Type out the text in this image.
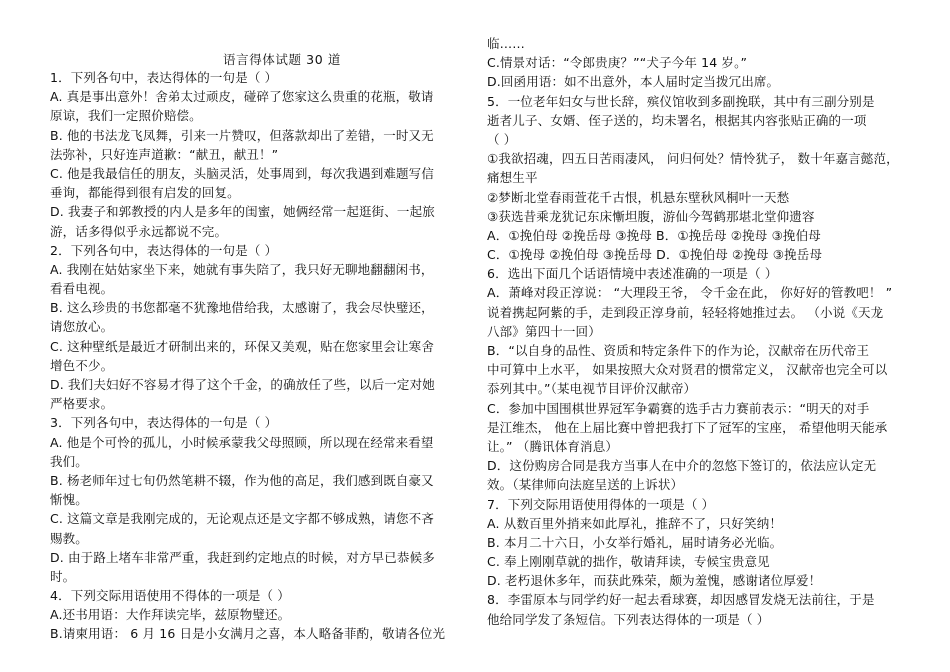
语言得体试题 30 道
1．下列各句中，表达得体的一句是（ ）
A. 真是事出意外！舍弟太过顽皮，碰碎了您家这么贵重的花瓶，敬请
原谅，我们一定照价赔偿。
B. 他的书法龙飞凤舞，引来一片赞叹，但落款却出了差错，一时又无
法弥补，只好连声道歉：“献丑，献丑！”
C. 他是我最信任的朋友，头脑灵活，处事周到，每次我遇到难题写信
垂询，都能得到很有启发的回复。
D. 我妻子和郭教授的内人是多年的闺蜜，她俩经常一起逛街、一起旅
游，话多得似乎永远都说不完。
2．下列各句中，表达得体的一句是（ ）
A. 我刚在姑姑家坐下来，她就有事失陪了，我只好无聊地翻翻闲书，
看看电视。
B. 这么珍贵的书您都毫不犹豫地借给我，太感谢了，我会尽快璧还，
请您放心。
C. 这种壁纸是最近才研制出来的，环保又美观，贴在您家里会让寒舍
增色不少。
D. 我们夫妇好不容易才得了这个千金，的确放任了些，以后一定对她
严格要求。
3．下列各句中，表达得体的一句是（ ）
A. 他是个可怜的孤儿，小时候承蒙我父母照顾，所以现在经常来看望
我们。
B. 杨老师年过七旬仍然笔耕不辍，作为他的高足，我们感到既自豪又
惭愧。
C. 这篇文章是我刚完成的，无论观点还是文字都不够成熟，请您不吝
赐教。
D. 由于路上堵车非常严重，我赶到约定地点的时候，对方早已恭候多
时。
4．下列交际用语使用不得体的一项是（ ）
A.还书用语：大作拜读完毕，兹原物璧还。
B.请柬用语： 6 月 16 日是小女满月之喜，本人略备菲酌，敬请各位光
临……
C.情景对话：“令郎贵庚？”“犬子今年 14 岁。”
D.回函用语：如不出意外，本人届时定当拨冗出席。
5．一位老年妇女与世长辞，殡仪馆收到多副挽联，其中有三副分别是
逝者儿子、女婿、侄子送的，均未署名，根据其内容张贴正确的一项
（ ）
①我欲招魂，四五日苦雨凄风， 问归何处？情怜犹子， 数十年嘉言懿范，
痛想生平
②梦断北堂春雨萱花千古恨，机悬东壁秋风桐叶一天愁
③获选昔乘龙犹记东床慚坦腹，游仙今驾鹤那堪北堂仰遗容
A．①挽伯母 ②挽岳母 ③挽母 B．①挽岳母 ②挽母 ③挽伯母
C．①挽母 ②挽伯母 ③挽岳母 D．①挽伯母 ②挽母 ③挽岳母
6．选出下面几个话语情境中表述准确的一项是（ ）
A．萧峰对段正淳说： “大理段王爷， 令千金在此， 你好好的管教吧！ ”
说着携起阿紫的手，走到段正淳身前，轻轻将她推过去。 （小说《天龙
八部》第四十一回）
B．“以自身的品性、资质和特定条件下的作为论，汉献帝在历代帝王
中可算中上水平， 如果按照大众对贤君的惯常定义， 汉献帝也完全可以
忝列其中。”（某电视节目评价汉献帝）
C．参加中国围棋世界冠军争霸赛的选手古力赛前表示：“明天的对手
是江维杰， 他在上届比赛中曾把我打下了冠军的宝座， 希望他明天能承
让。” （腾讯体育消息）
D．这份购房合同是我方当事人在中介的忽悠下签订的，依法应认定无
效。（某律师向法庭呈送的上诉状）
7．下列交际用语使用得体的一项是（ ）
A. 从数百里外捎来如此厚礼，推辞不了，只好笑纳！
B. 本月二十六日，小女举行婚礼，届时请务必光临。
C. 奉上刚刚草就的拙作，敬请拜读，专候宝贵意见
D. 老朽退休多年，而获此殊荣，颇为羞愧，感谢诸位厚爱！
8．李雷原本与同学约好一起去看球赛，却因感冒发烧无法前往，于是
他给同学发了条短信。下列表达得体的一项是（ ）
